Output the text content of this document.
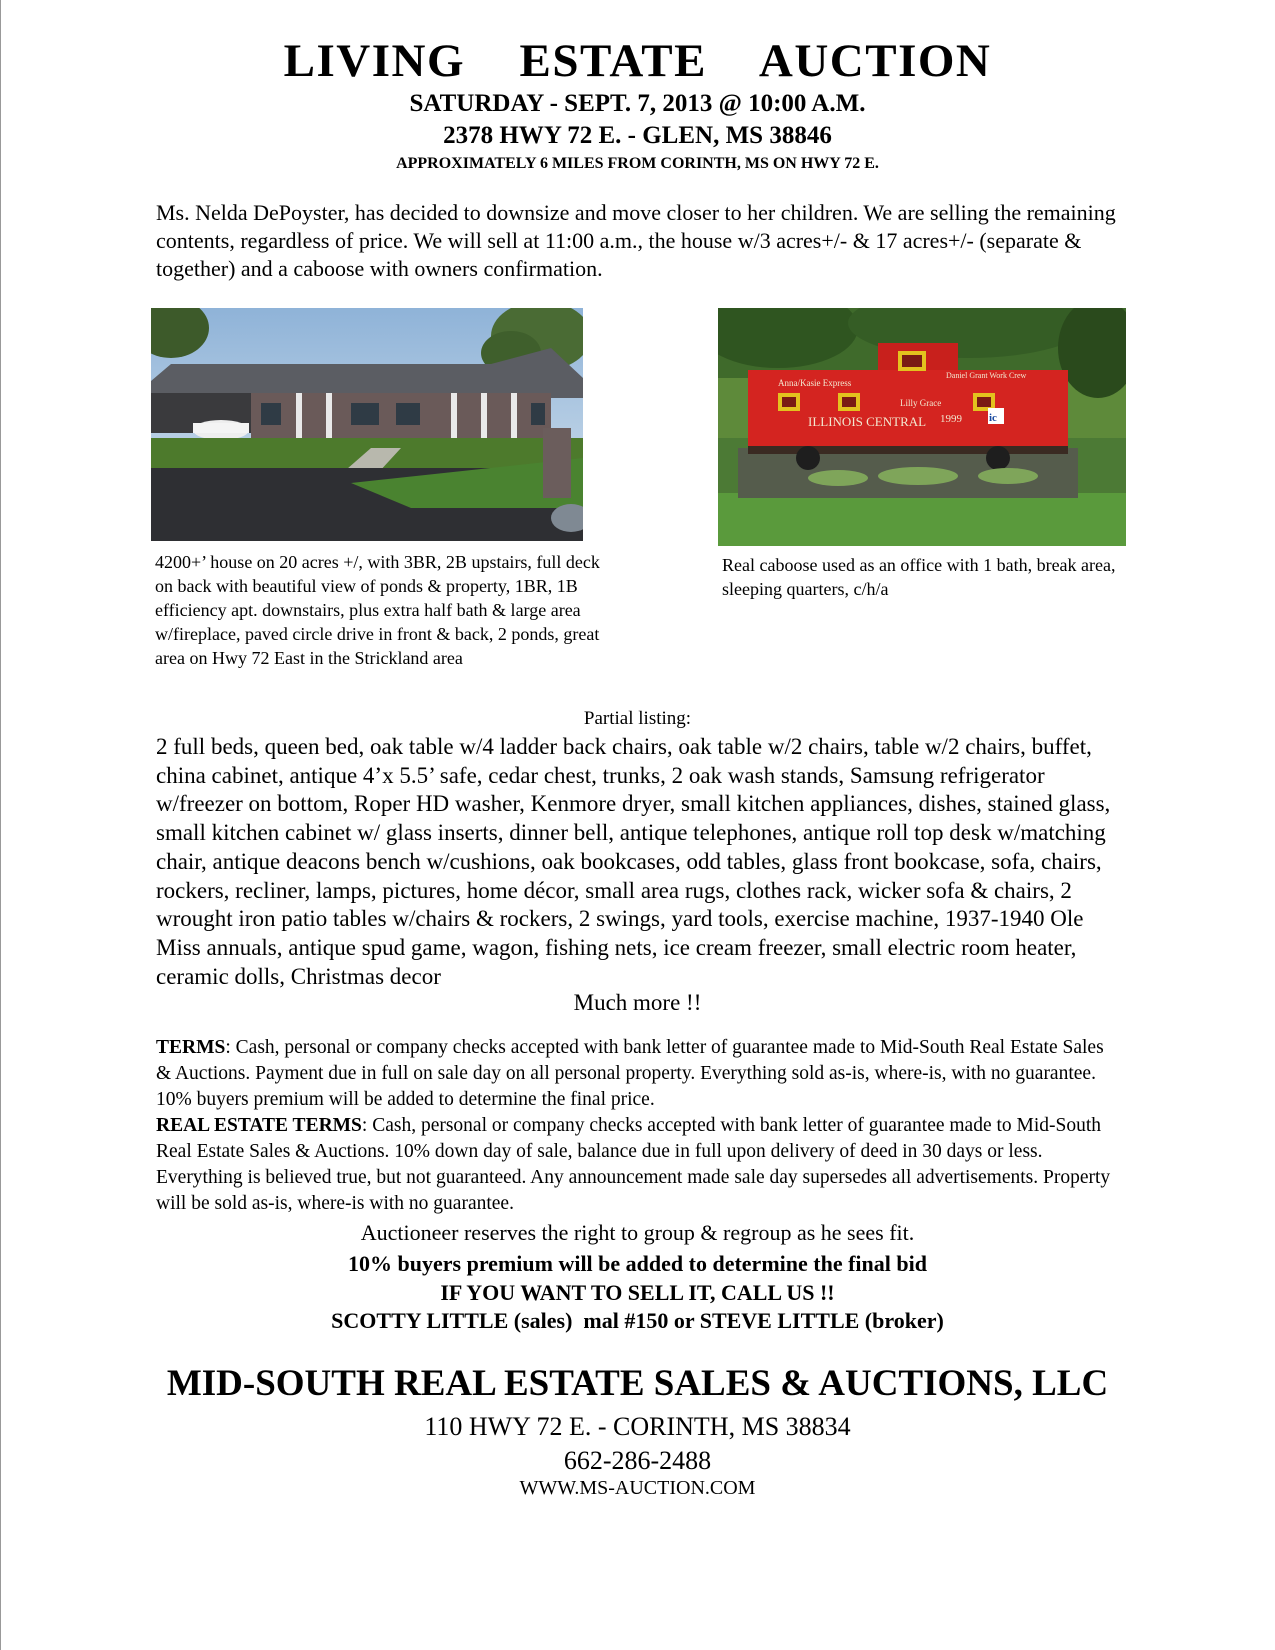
LIVING  ESTATE  AUCTION
SATURDAY - SEPT. 7, 2013 @ 10:00 A.M.
2378 HWY 72 E. - GLEN, MS 38846
APPROXIMATELY 6 MILES FROM CORINTH, MS ON HWY 72 E.
Ms. Nelda DePoyster, has decided to downsize and move closer to her children. We are selling the remaining contents, regardless of price. We will sell at 11:00 a.m., the house w/3 acres+/- & 17 acres+/- (separate & together) and a caboose with owners confirmation.
Anna/Kasie Express
Daniel Grant Work Crew
Lilly Grace
ILLINOIS CENTRAL 1999 ic
4200+’ house on 20 acres +/, with 3BR, 2B upstairs, full deck on back with beautiful view of ponds & property, 1BR, 1B efficiency apt. downstairs, plus extra half bath & large area w/fireplace, paved circle drive in front & back, 2 ponds, great area on Hwy 72 East in the Strickland area
Real caboose used as an office with 1 bath, break area, sleeping quarters, c/h/a
Partial listing:
2 full beds, queen bed, oak table w/4 ladder back chairs, oak table w/2 chairs, table w/2 chairs, buffet, china cabinet, antique 4’x 5.5’ safe, cedar chest, trunks, 2 oak wash stands, Samsung refrigerator w/freezer on bottom, Roper HD washer, Kenmore dryer, small kitchen appliances, dishes, stained glass, small kitchen cabinet w/ glass inserts, dinner bell, antique telephones, antique roll top desk w/matching chair, antique deacons bench w/cushions, oak bookcases, odd tables, glass front bookcase, sofa, chairs, rockers, recliner, lamps, pictures, home décor, small area rugs, clothes rack, wicker sofa & chairs, 2 wrought iron patio tables w/chairs & rockers, 2 swings, yard tools, exercise machine, 1937-1940 Ole Miss annuals, antique spud game, wagon, fishing nets, ice cream freezer, small electric room heater, ceramic dolls, Christmas decor
Much more !!
TERMS: Cash, personal or company checks accepted with bank letter of guarantee made to Mid-South Real Estate Sales & Auctions. Payment due in full on sale day on all personal property. Everything sold as-is, where-is, with no guarantee. 10% buyers premium will be added to determine the final price.
REAL ESTATE TERMS: Cash, personal or company checks accepted with bank letter of guarantee made to Mid-South Real Estate Sales & Auctions. 10% down day of sale, balance due in full upon delivery of deed in 30 days or less. Everything is believed true, but not guaranteed. Any announcement made sale day supersedes all advertisements. Property will be sold as-is, where-is with no guarantee.
Auctioneer reserves the right to group & regroup as he sees fit.
10% buyers premium will be added to determine the final bid
IF YOU WANT TO SELL IT, CALL US !!
SCOTTY LITTLE (sales)  mal #150 or STEVE LITTLE (broker)
MID-SOUTH REAL ESTATE SALES & AUCTIONS, LLC
110 HWY 72 E. - CORINTH, MS 38834
662-286-2488
WWW.MS-AUCTION.COM
